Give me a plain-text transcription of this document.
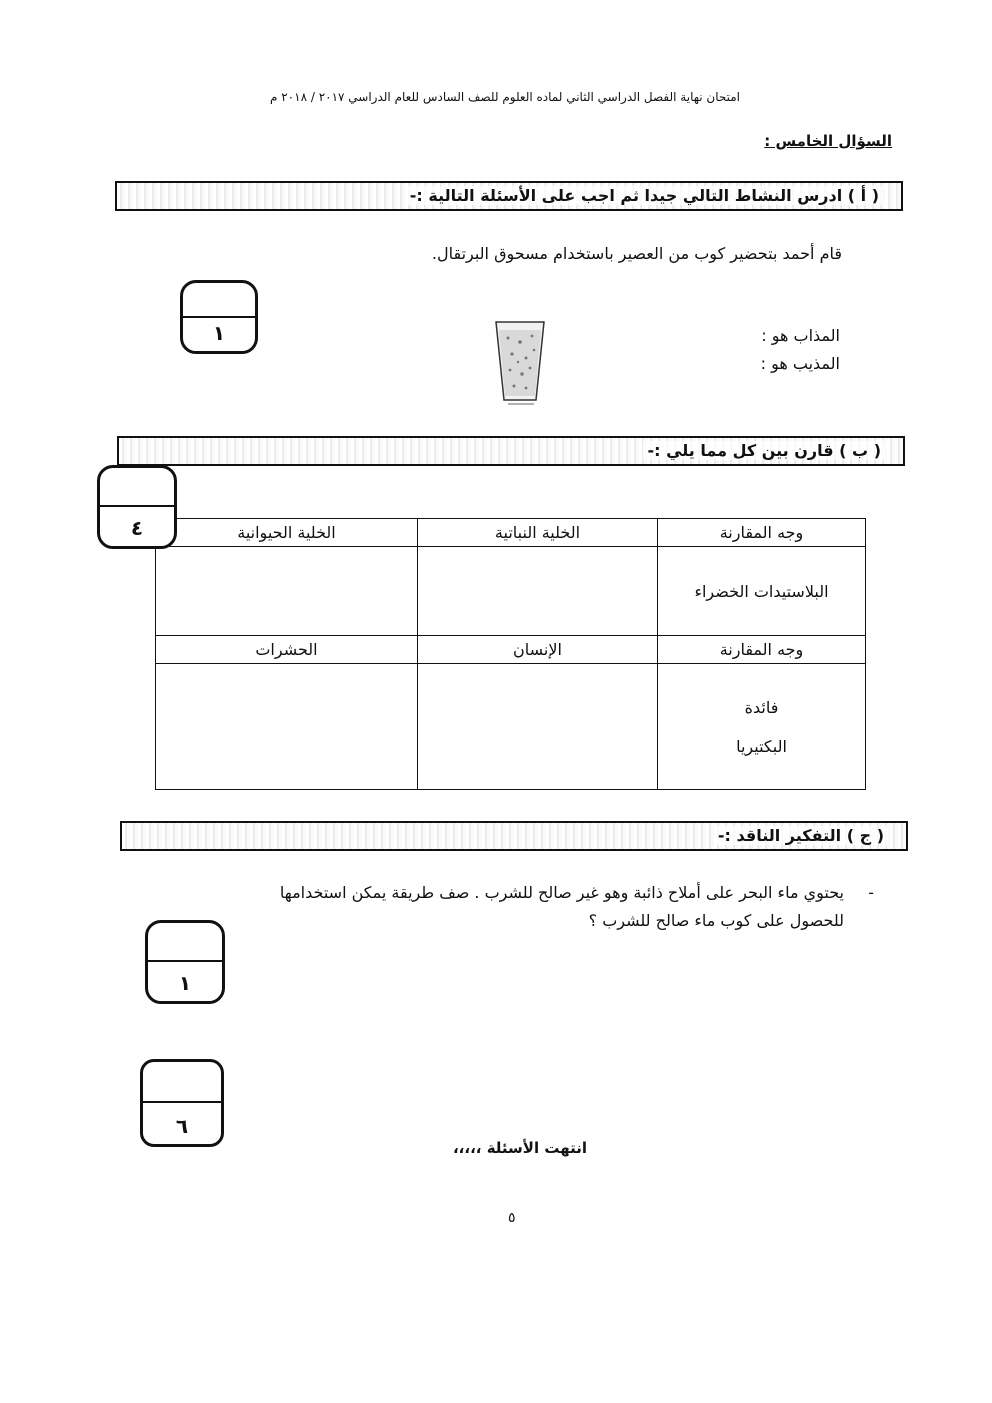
امتحان نهاية الفصل الدراسي الثاني لماده العلوم للصف السادس للعام الدراسي ٢٠١٧ / ٢٠١٨ م
السؤال الخامس :
( أ ) ادرس النشاط التالي جيدا ثم اجب على الأسئلة التالية :-
قام أحمد بتحضير كوب من العصير باستخدام مسحوق البرتقال.
١	المذاب هو :
المذيب هو :
( ب ) قارن بين كل مما يلي :-
الخلية الحيوانية	الخلية النباتية	وجه المقارنة
		البلاستيدات الخضراء
الحشرات	الإنسان	وجه المقارنة

		فائدة
البكتيريا
٤
( ج ) التفكير الناقد :-
-
يحتوي ماء البحر على أملاح ذائبة وهو غير صالح للشرب . صف طريقة يمكن استخدامها
للحصول على كوب ماء صالح للشرب ؟
١
٦
انتهت الأسئلة ،،،،،
٥
